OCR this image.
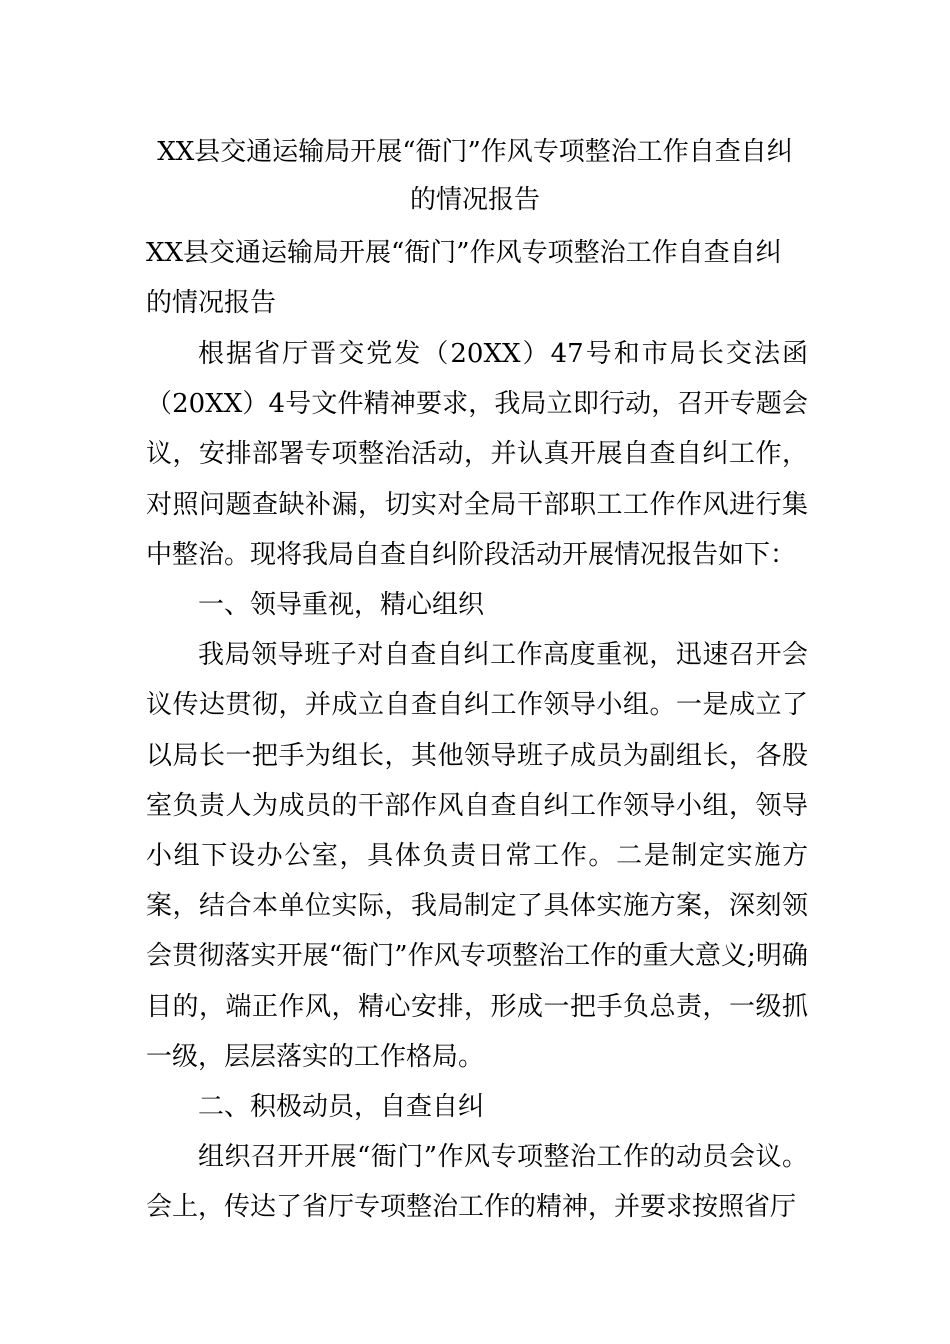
XX县交通运输局开展“衙门”作风专项整治工作自查自纠
的情况报告
XX县交通运输局开展“衙门”作风专项整治工作自查自纠的情况报告

根据省厅晋交党发（20XX）47号和市局长交法函（20XX）4号文件精神要求，我局立即行动，召开专题会议，安排部署专项整治活动，并认真开展自查自纠工作，对照问题查缺补漏，切实对全局干部职工工作作风进行集中整治。现将我局自查自纠阶段活动开展情况报告如下：

一、领导重视，精心组织

我局领导班子对自查自纠工作高度重视，迅速召开会议传达贯彻，并成立自查自纠工作领导小组。一是成立了以局长一把手为组长，其他领导班子成员为副组长，各股室负责人为成员的干部作风自查自纠工作领导小组，领导小组下设办公室，具体负责日常工作。二是制定实施方案，结合本单位实际，我局制定了具体实施方案，深刻领会贯彻落实开展“衙门”作风专项整治工作的重大意义;明确目的，端正作风，精心安排，形成一把手负总责，一级抓一级，层层落实的工作格局。

二、积极动员，自查自纠

组织召开开展“衙门”作风专项整治工作的动员会议。会上，传达了省厅专项整治工作的精神，并要求按照省厅
